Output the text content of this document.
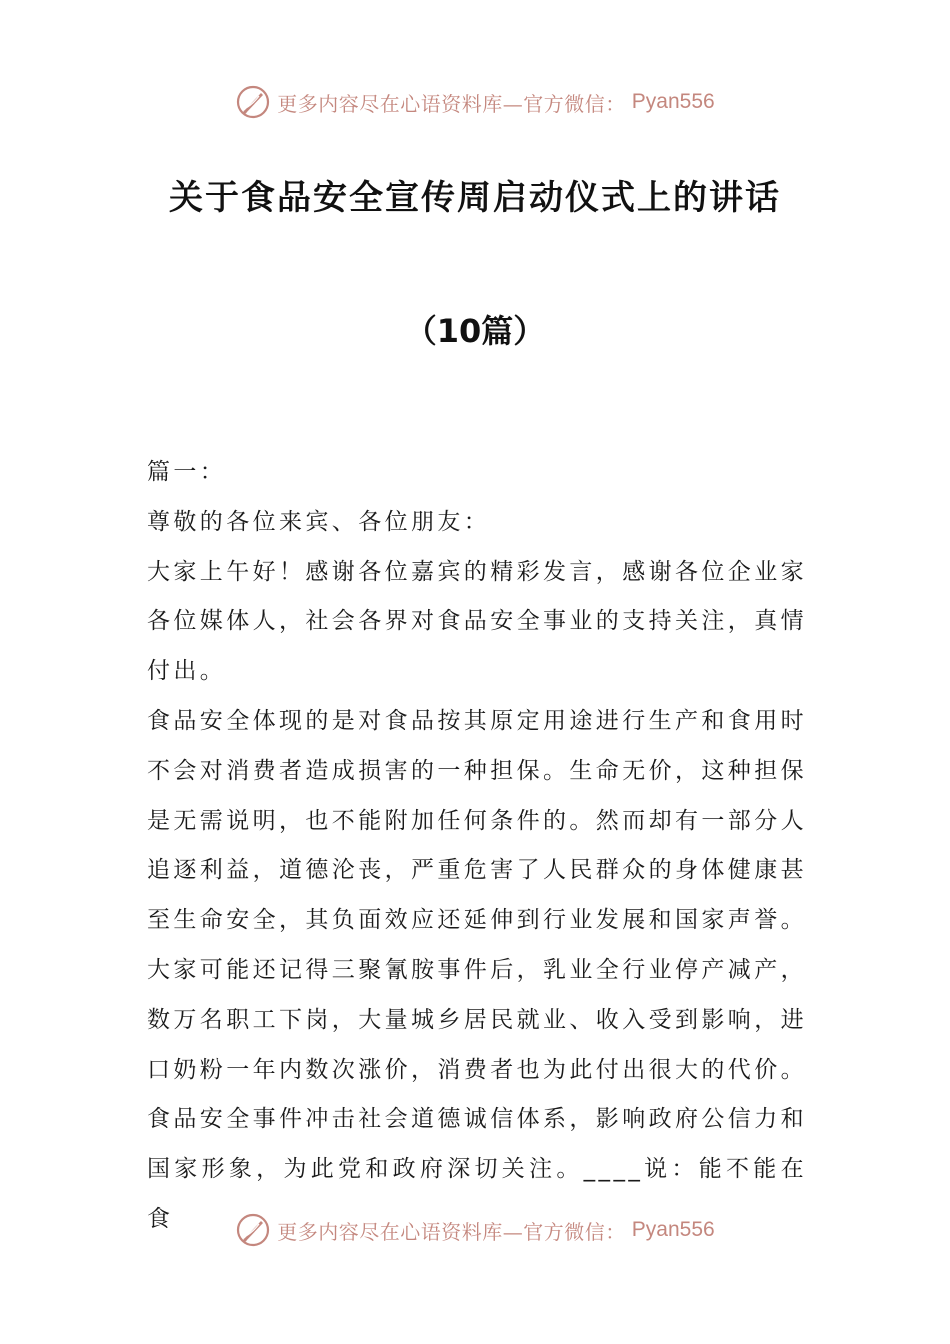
更多内容尽在心语资料库—官方微信： Pyan556
关于食品安全宣传周启动仪式上的讲话
（10篇）

篇一：

尊敬的各位来宾、各位朋友：

大家上午好！感谢各位嘉宾的精彩发言，感谢各位企业家各位媒体人，社会各界对食品安全事业的支持关注，真情付出。

食品安全体现的是对食品按其原定用途进行生产和食用时不会对消费者造成损害的一种担保。生命无价，这种担保是无需说明，也不能附加任何条件的。然而却有一部分人追逐利益，道德沦丧，严重危害了人民群众的身体健康甚至生命安全，其负面效应还延伸到行业发展和国家声誉。

大家可能还记得三聚氰胺事件后，乳业全行业停产减产，数万名职工下岗，大量城乡居民就业、收入受到影响，进口奶粉一年内数次涨价，消费者也为此付出很大的代价。

食品安全事件冲击社会道德诚信体系，影响政府公信力和国家形象，为此党和政府深切关注。____说：能不能在食	更多内容尽在心语资料库—官方微信： Pyan556
